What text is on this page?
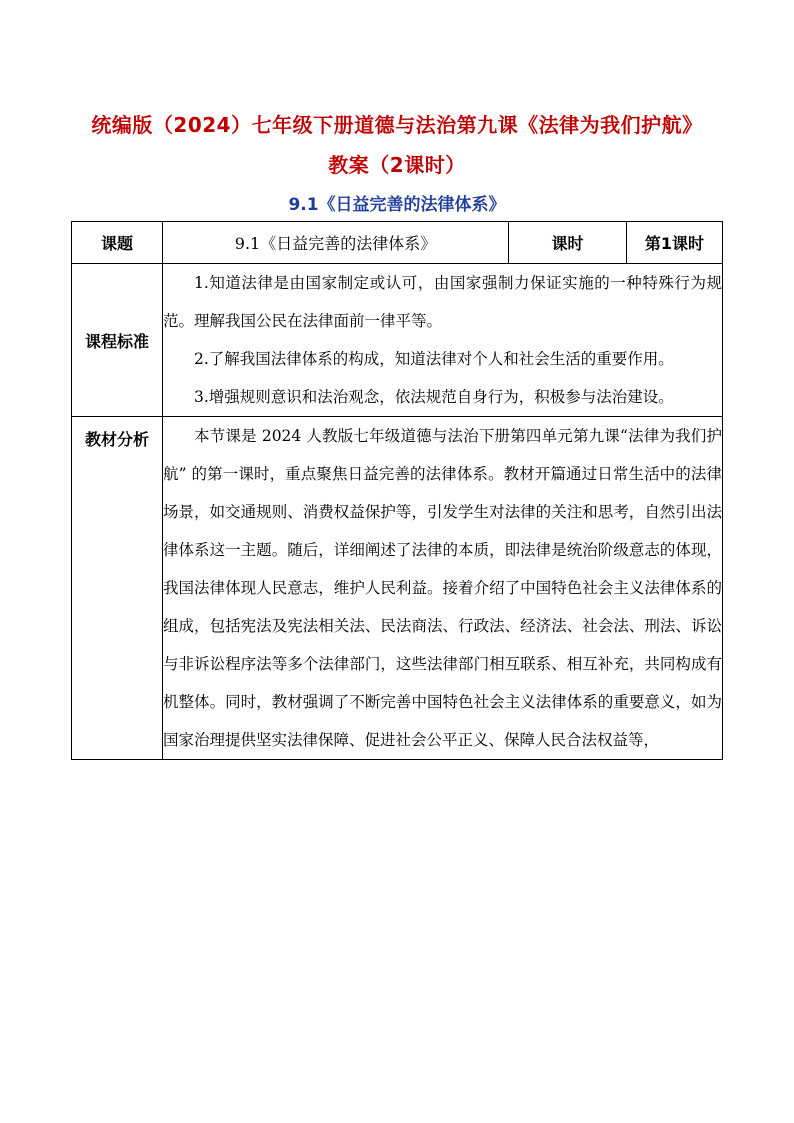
统编版（2024）七年级下册道德与法治第九课《法律为我们护航》
教案（2课时）
9.1《日益完善的法律体系》
课题	9.1《日益完善的法律体系》	课时	第1课时
课程标准	1.知道法律是由国家制定或认可，由国家强制力保证实施的一种特殊行为规范。理解我国公民在法律面前一律平等。

2.了解我国法律体系的构成，知道法律对个人和社会生活的重要作用。

3.增强规则意识和法治观念，依法规范自身行为，积极参与法治建设。		

教材分析	本节课是 2024 人教版七年级道德与法治下册第四单元第九课“法律为我们护航” 的第一课时，重点聚焦日益完善的法律体系。教材开篇通过日常生活中的法律场景，如交通规则、消费权益保护等，引发学生对法律的关注和思考，自然引出法律体系这一主题。随后，详细阐述了法律的本质，即法律是统治阶级意志的体现，我国法律体现人民意志，维护人民利益。接着介绍了中国特色社会主义法律体系的组成，包括宪法及宪法相关法、民法商法、行政法、经济法、社会法、刑法、诉讼与非诉讼程序法等多个法律部门，这些法律部门相互联系、相互补充，共同构成有机整体。同时，教材强调了不断完善中国特色社会主义法律体系的重要意义，如为国家治理提供坚实法律保障、促进社会公平正义、保障人民合法权益等，		
